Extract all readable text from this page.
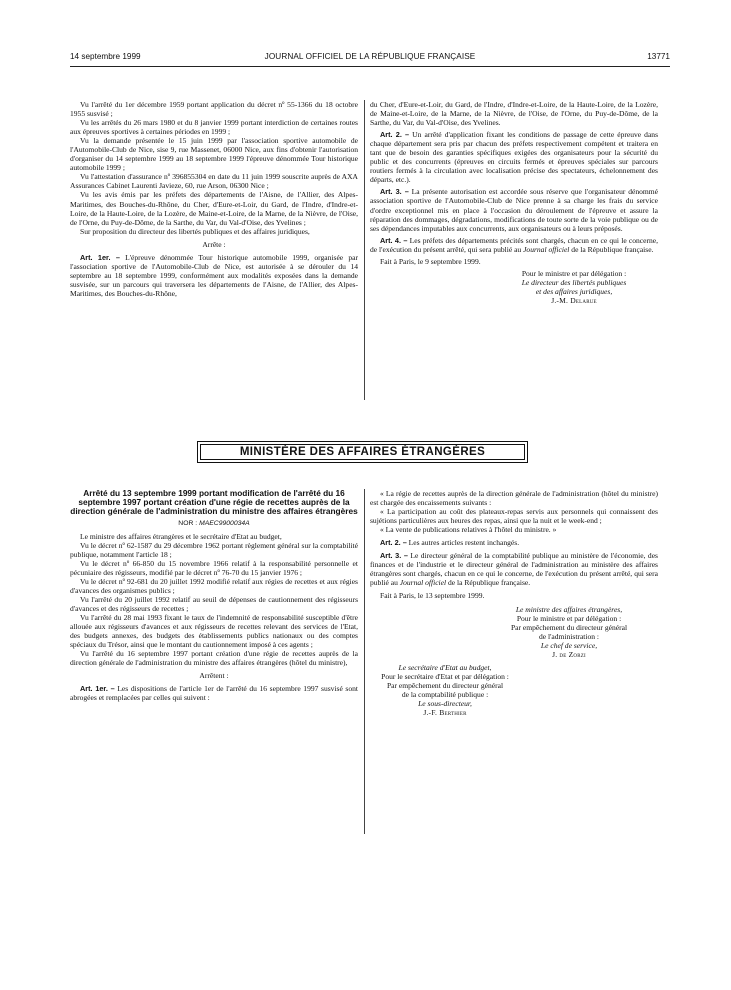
14 septembre 1999	JOURNAL OFFICIEL DE LA RÉPUBLIQUE FRANÇAISE	13771

Vu l'arrêté du 1er décembre 1959 portant application du décret nº 55-1366 du 18 octobre 1955 susvisé ;

Vu les arrêtés du 26 mars 1980 et du 8 janvier 1999 portant interdiction de certaines routes aux épreuves sportives à certaines périodes en 1999 ;

Vu la demande présentée le 15 juin 1999 par l'association sportive automobile de l'Automobile-Club de Nice, sise 9, rue Massenet, 06000 Nice, aux fins d'obtenir l'autorisation d'organiser du 14 septembre 1999 au 18 septembre 1999 l'épreuve dénommée Tour historique automobile 1999 ;

Vu l'attestation d'assurance nº 396855304 en date du 11 juin 1999 souscrite auprès de AXA Assurances Cabinet Laurenti Javieze, 60, rue Arson, 06300 Nice ;

Vu les avis émis par les préfets des départements de l'Aisne, de l'Allier, des Alpes-Maritimes, des Bouches-du-Rhône, du Cher, d'Eure-et-Loir, du Gard, de l'Indre, d'Indre-et-Loire, de la Haute-Loire, de la Lozère, de Maine-et-Loire, de la Marne, de la Nièvre, de l'Oise, de l'Orne, du Puy-de-Dôme, de la Sarthe, du Var, du Val-d'Oise, des Yvelines ;

Sur proposition du directeur des libertés publiques et des affaires juridiques,

Arrête :

Art. 1er. – L'épreuve dénommée Tour historique automobile 1999, organisée par l'association sportive de l'Automobile-Club de Nice, est autorisée à se dérouler du 14 septembre au 18 septembre 1999, conformément aux modalités exposées dans la demande susvisée, sur un parcours qui traversera les départements de l'Aisne, de l'Allier, des Alpes-Maritimes, des Bouches-du-Rhône,

du Cher, d'Eure-et-Loir, du Gard, de l'Indre, d'Indre-et-Loire, de la Haute-Loire, de la Lozère, de Maine-et-Loire, de la Marne, de la Nièvre, de l'Oise, de l'Orne, du Puy-de-Dôme, de la Sarthe, du Var, du Val-d'Oise, des Yvelines.

Art. 2. – Un arrêté d'application fixant les conditions de passage de cette épreuve dans chaque département sera pris par chacun des préfets respectivement compétent et traitera en tant que de besoin des garanties spécifiques exigées des organisateurs pour la sécurité du public et des concurrents (épreuves en circuits fermés et épreuves spéciales sur parcours routiers fermés à la circulation avec localisation précise des spectateurs, échelonnement des départs, etc.).

Art. 3. – La présente autorisation est accordée sous réserve que l'organisateur dénommé association sportive de l'Automobile-Club de Nice prenne à sa charge les frais du service d'ordre exceptionnel mis en place à l'occasion du déroulement de l'épreuve et assure la réparation des dommages, dégradations, modifications de toute sorte de la voie publique ou de ses dépendances imputables aux concurrents, aux organisateurs ou à leurs préposés.

Art. 4. – Les préfets des départements précités sont chargés, chacun en ce qui le concerne, de l'exécution du présent arrêté, qui sera publié au Journal officiel de la République française.

Fait à Paris, le 9 septembre 1999.

Pour le ministre et par délégation :

Le directeur des libertés publiques

et des affaires juridiques,

J.-M. Delarue

MINISTÈRE DES AFFAIRES ÉTRANGÈRES

Arrêté du 13 septembre 1999 portant modification de l'arrêté du 16 septembre 1997 portant création d'une régie de recettes auprès de la direction générale de l'administration du ministre des affaires étrangères

NOR : MAEC9900034A

Le ministre des affaires étrangères et le secrétaire d'Etat au budget,

Vu le décret nº 62-1587 du 29 décembre 1962 portant règlement général sur la comptabilité publique, notamment l'article 18 ;

Vu le décret nº 66-850 du 15 novembre 1966 relatif à la responsabilité personnelle et pécuniaire des régisseurs, modifié par le décret nº 76-70 du 15 janvier 1976 ;

Vu le décret nº 92-681 du 20 juillet 1992 modifié relatif aux régies de recettes et aux régies d'avances des organismes publics ;

Vu l'arrêté du 20 juillet 1992 relatif au seuil de dépenses de cautionnement des régisseurs d'avances et des régisseurs de recettes ;

Vu l'arrêté du 28 mai 1993 fixant le taux de l'indemnité de responsabilité susceptible d'être allouée aux régisseurs d'avances et aux régisseurs de recettes relevant des services de l'Etat, des budgets annexes, des budgets des établissements publics nationaux ou des comptes spéciaux du Trésor, ainsi que le montant du cautionnement imposé à ces agents ;

Vu l'arrêté du 16 septembre 1997 portant création d'une régie de recettes auprès de la direction générale de l'administration du ministre des affaires étrangères (hôtel du ministre),

Arrêtent :

Art. 1er. – Les dispositions de l'article 1er de l'arrêté du 16 septembre 1997 susvisé sont abrogées et remplacées par celles qui suivent :

« La régie de recettes auprès de la direction générale de l'administration (hôtel du ministre) est chargée des encaissements suivants :

« La participation au coût des plateaux-repas servis aux personnels qui connaissent des sujétions particulières aux heures des repas, ainsi que la nuit et le week-end ;

« La vente de publications relatives à l'hôtel du ministre. »

Art. 2. – Les autres articles restent inchangés.

Art. 3. – Le directeur général de la comptabilité publique au ministère de l'économie, des finances et de l'industrie et le directeur général de l'administration au ministère des affaires étrangères sont chargés, chacun en ce qui le concerne, de l'exécution du présent arrêté, qui sera publié au Journal officiel de la République française.

Fait à Paris, le 13 septembre 1999.

Le ministre des affaires étrangères,

Pour le ministre et par délégation :

Par empêchement du directeur général

de l'administration :

Le chef de service,

J. de Zorzi

Le secrétaire d'Etat au budget,

Pour le secrétaire d'Etat et par délégation :

Par empêchement du directeur général

de la comptabilité publique :

Le sous-directeur,

J.-F. Berthier
